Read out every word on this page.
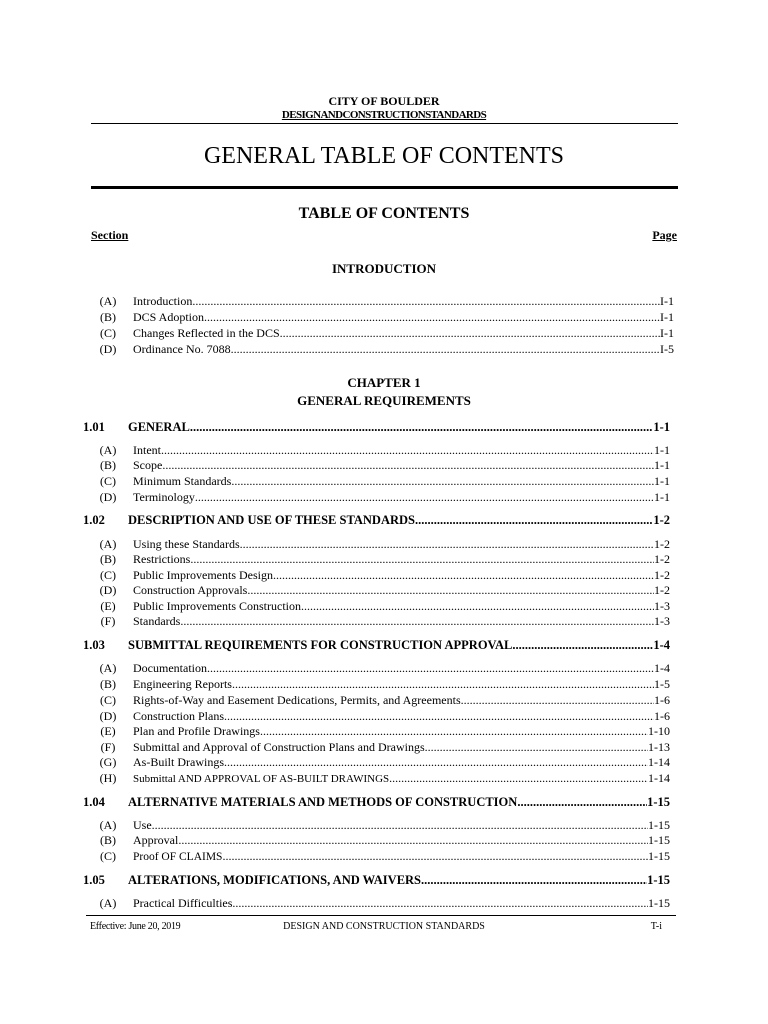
CITY OF BOULDER
DESIGNANDCONSTRUCTIONSTANDARDS
GENERAL TABLE OF CONTENTS
TABLE OF CONTENTS
Section	Page
INTRODUCTION
(A)	Introduction .....	I-1
(B)	DCS Adoption .....	I-1
(C)	Changes Reflected in the DCS .....	I-1
(D)	Ordinance No. 7088 .....	I-5
CHAPTER 1
GENERAL REQUIREMENTS
1.01	GENERAL .....	1-1
(A)	Intent .....	1-1
(B)	Scope .....	1-1
(C)	Minimum Standards .....	1-1
(D)	Terminology .....	1-1
1.02	DESCRIPTION AND USE OF THESE STANDARDS .....	1-2
(A)	Using these Standards .....	1-2
(B)	Restrictions .....	1-2
(C)	Public Improvements Design .....	1-2
(D)	Construction Approvals .....	1-2
(E)	Public Improvements Construction .....	1-3
(F)	Standards .....	1-3
1.03	SUBMITTAL REQUIREMENTS FOR CONSTRUCTION APPROVAL .....	1-4
(A)	Documentation .....	1-4
(B)	Engineering Reports .....	1-5
(C)	Rights-of-Way and Easement Dedications, Permits, and Agreements .....	1-6
(D)	Construction Plans .....	1-6
(E)	Plan and Profile Drawings .....	1-10
(F)	Submittal and Approval of Construction Plans and Drawings .....	1-13
(G)	As-Built Drawings .....	1-14
(H)	Submittal AND APPROVAL OF AS-BUILT DRAWINGS .....	1-14
1.04	ALTERNATIVE MATERIALS AND METHODS OF CONSTRUCTION .....	1-15
(A)	Use .....	1-15
(B)	Approval .....	1-15
(C)	Proof OF CLAIMS .....	1-15
1.05	ALTERATIONS, MODIFICATIONS, AND WAIVERS .....	1-15
(A)	Practical Difficulties .....	1-15
Effective: June 20, 2019	DESIGN AND CONSTRUCTION STANDARDS	T-i
